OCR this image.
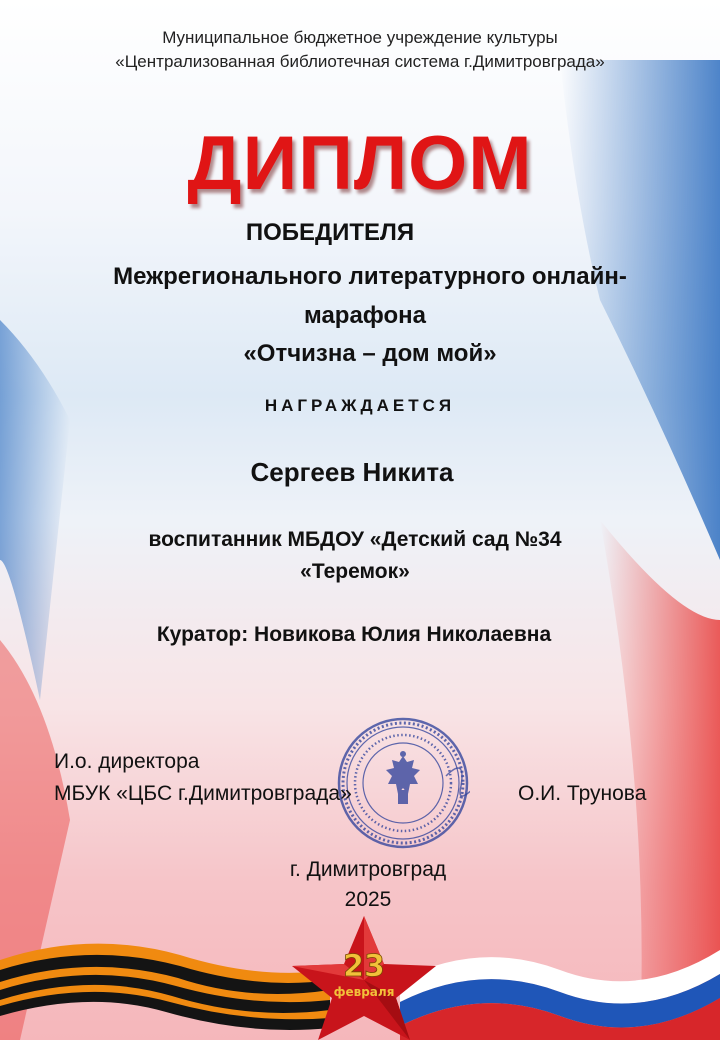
Муниципальное бюджетное учреждение культуры
«Централизованная библиотечная система г.Димитровграда»
ДИПЛОМ
ПОБЕДИТЕЛЯ
Межрегионального литературного онлайн-
марафона
«Отчизна – дом мой»
НАГРАЖДАЕТСЯ
Сергеев Никита
воспитанник МБДОУ «Детский сад №34
«Теремок»
Куратор: Новикова Юлия Николаевна
И.о. директора
МБУК «ЦБС г.Димитровграда»	О.И. Трунова
г. Димитровград
2025
23
февраля
